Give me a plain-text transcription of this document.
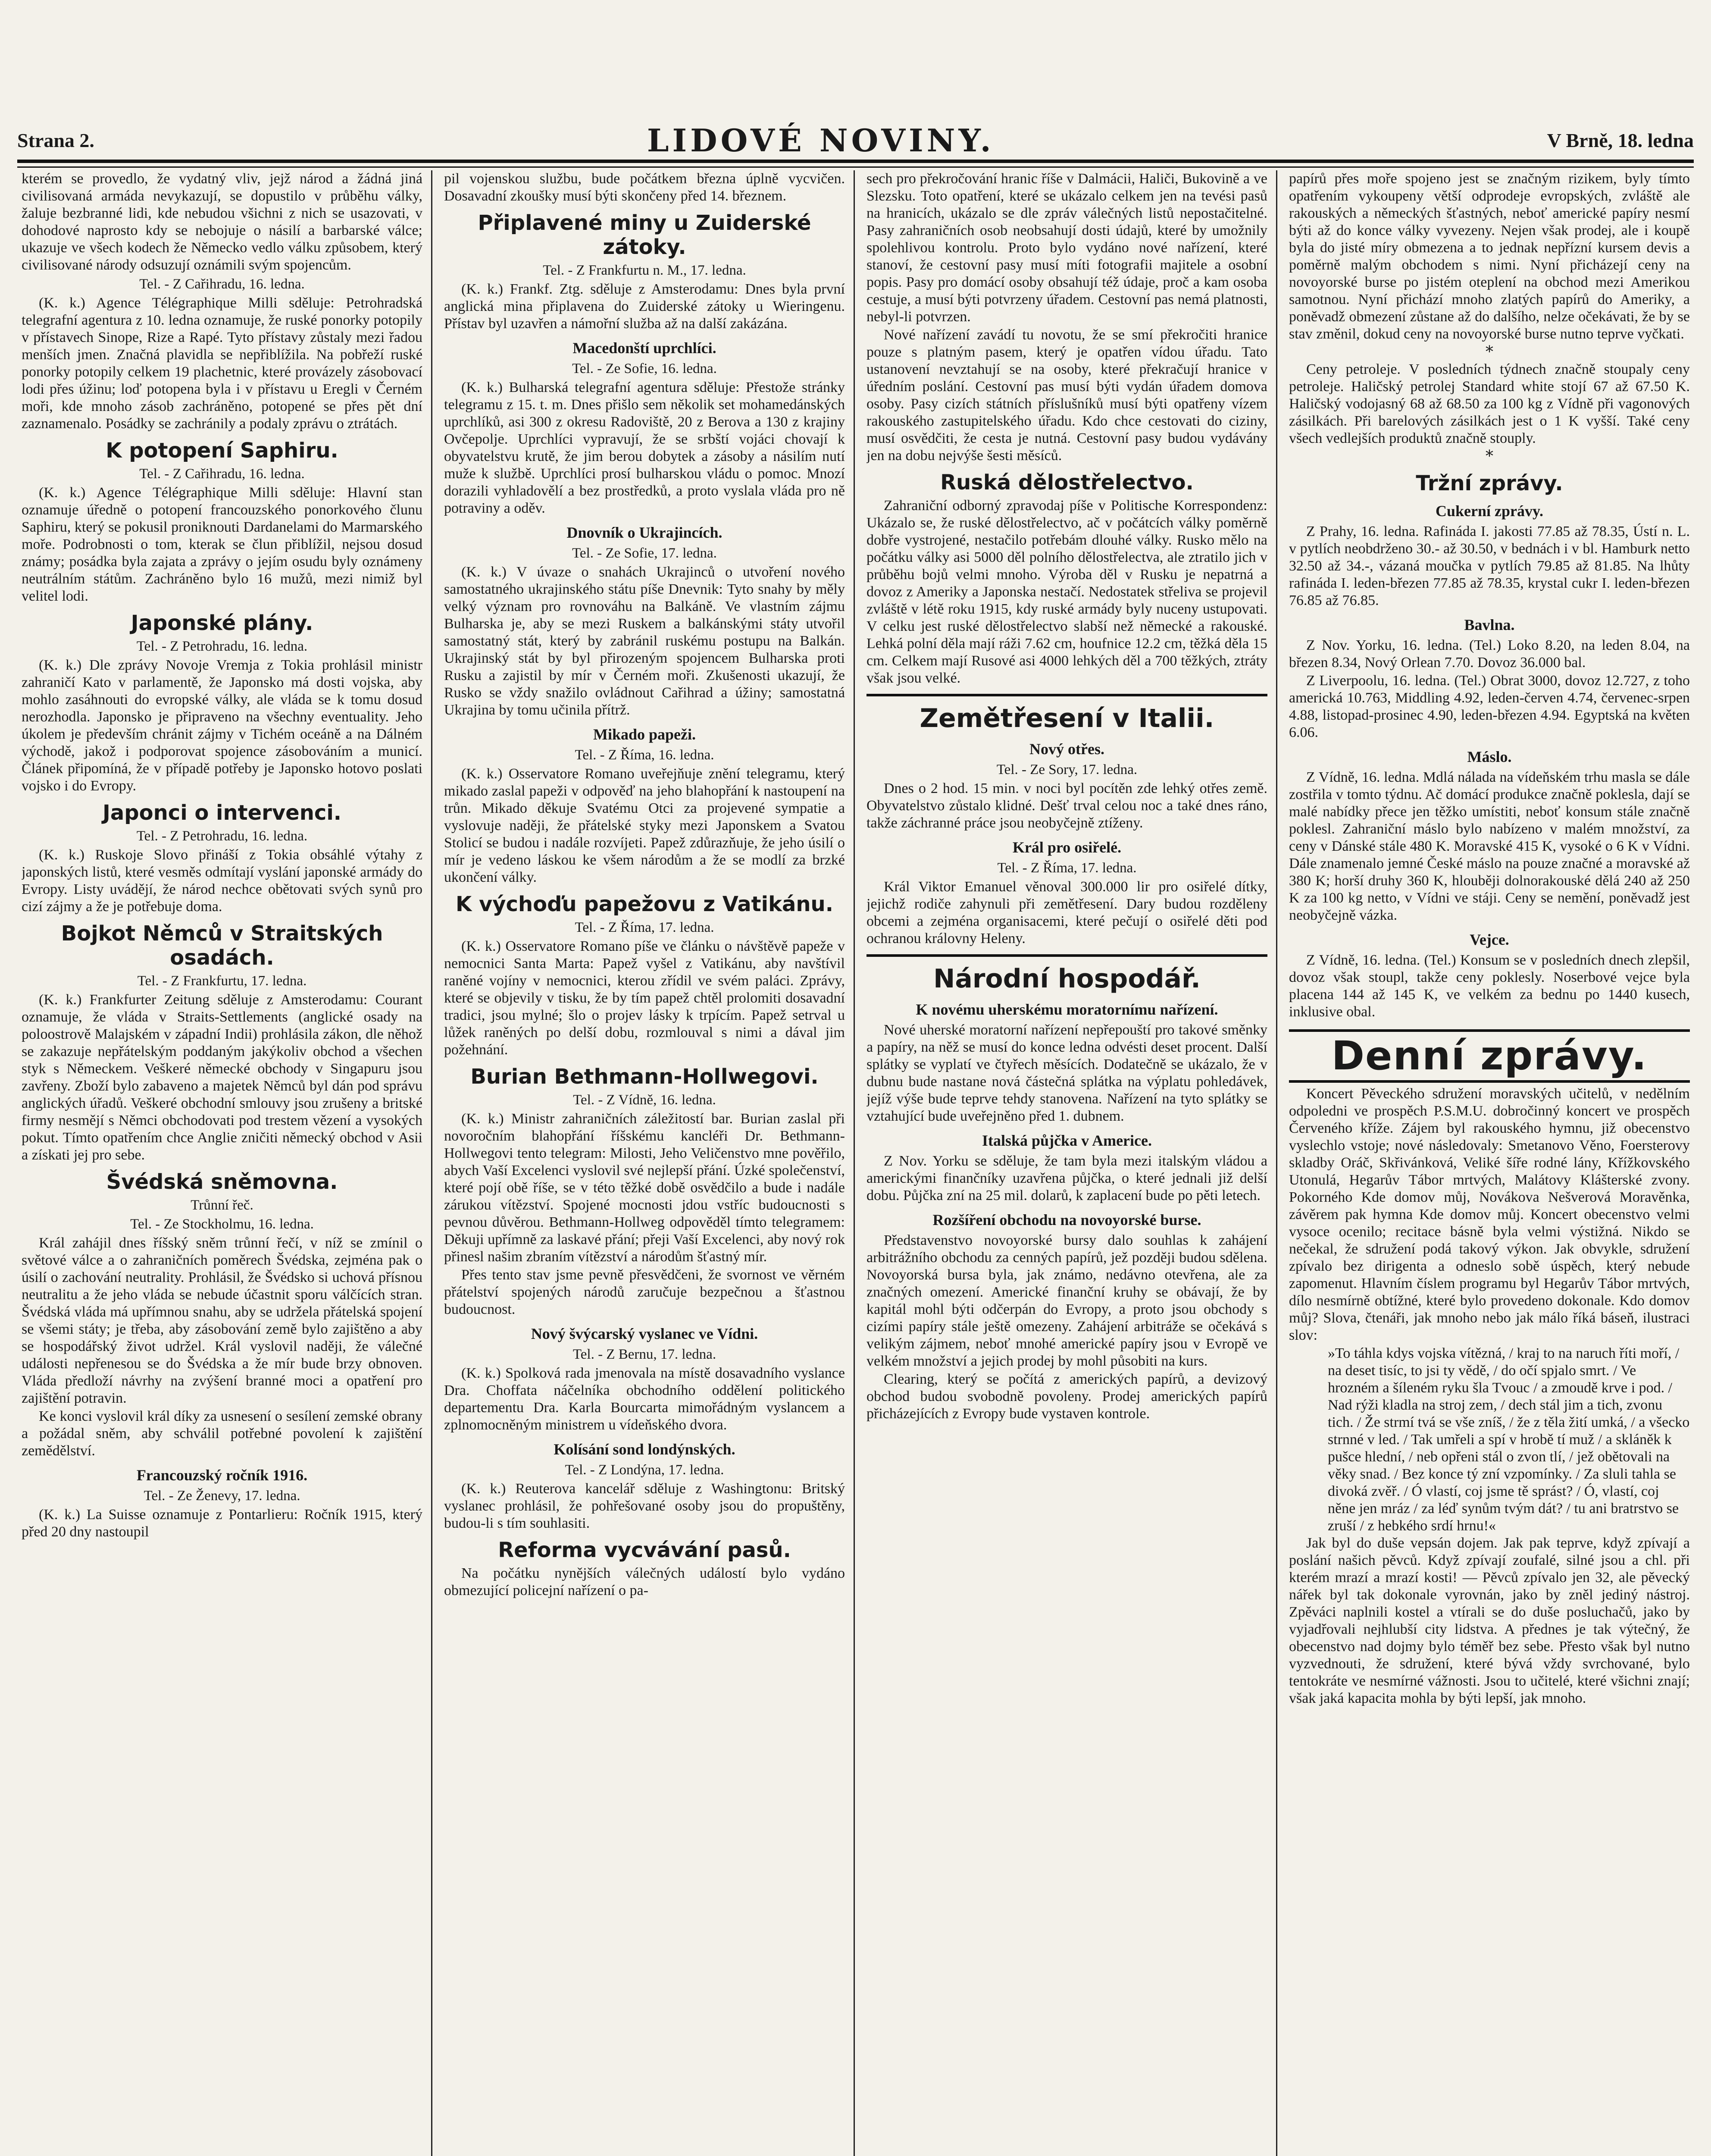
Strana 2.	LIDOVÉ NOVINY.	V Brně, 18. ledna
kterém se provedlo, že vydatný vliv, jejž národ a žádná jiná civilisovaná armáda nevykazují, se dopustilo v průběhu války, žaluje bezbranné lidi, kde nebudou všichni z nich se usazovati, v dohodové naprosto kdy se nebojuje o násilí a barbarské válce; ukazuje ve všech kodech že Německo vedlo válku způsobem, který civilisované národy odsuzují oznámili svým spojencům.
Tel. - Z Cařihradu, 16. ledna.
(K. k.) Agence Télégraphique Milli sděluje: Petrohradská telegrafní agentura z 10. ledna oznamuje, že ruské ponorky potopily v přístavech Sinope, Rize a Rapé. Tyto přístavy zůstaly mezi řadou menších jmen. Značná plavidla se nepřiblížila. Na pobřeží ruské ponorky potopily celkem 19 plachetnic, které provázely zásobovací lodi přes úžinu; loď potopena byla i v přístavu u Eregli v Černém moři, kde mnoho zásob zachráněno, potopené se přes pět dní zaznamenalo. Posádky se zachránily a podaly zprávu o ztrátách.
K potopení Saphiru.
Tel. - Z Cařihradu, 16. ledna.
(K. k.) Agence Télégraphique Milli sděluje: Hlavní stan oznamuje úředně o potopení francouzského ponorkového člunu Saphiru, který se pokusil proniknouti Dardanelami do Marmarského moře. Podrobnosti o tom, kterak se člun přiblížil, nejsou dosud známy; posádka byla zajata a zprávy o jejím osudu byly oznámeny neutrálním státům. Zachráněno bylo 16 mužů, mezi nimiž byl velitel lodi.
Japonské plány.
Tel. - Z Petrohradu, 16. ledna.
(K. k.) Dle zprávy Novoje Vremja z Tokia prohlásil ministr zahraničí Kato v parlamentě, že Japonsko má dosti vojska, aby mohlo zasáhnouti do evropské války, ale vláda se k tomu dosud nerozhodla. Japonsko je připraveno na všechny eventuality. Jeho úkolem je především chránit zájmy v Tichém oceáně a na Dálném východě, jakož i podporovat spojence zásobováním a municí. Článek připomíná, že v případě potřeby je Japonsko hotovo poslati vojsko i do Evropy.
Japonci o intervenci.
Tel. - Z Petrohradu, 16. ledna.
(K. k.) Ruskoje Slovo přináší z Tokia obsáhlé výtahy z japonských listů, které vesměs odmítají vyslání japonské armády do Evropy. Listy uvádějí, že národ nechce obětovati svých synů pro cizí zájmy a že je potřebuje doma.
Bojkot Němců v Straitských osadách.
Tel. - Z Frankfurtu, 17. ledna.
(K. k.) Frankfurter Zeitung sděluje z Amsterodamu: Courant oznamuje, že vláda v Straits-Settlements (anglické osady na poloostrově Malajském v západní Indii) prohlásila zákon, dle něhož se zakazuje nepřátelským poddaným jakýkoliv obchod a všechen styk s Německem. Veškeré německé obchody v Singapuru jsou zavřeny. Zboží bylo zabaveno a majetek Němců byl dán pod správu anglických úřadů. Veškeré obchodní smlouvy jsou zrušeny a britské firmy nesmějí s Němci obchodovati pod trestem vězení a vysokých pokut. Tímto opatřením chce Anglie zničiti německý obchod v Asii a získati jej pro sebe.
Švédská sněmovna.
Trůnní řeč.
Tel. - Ze Stockholmu, 16. ledna.
Král zahájil dnes říšský sněm trůnní řečí, v níž se zmínil o světové válce a o zahraničních poměrech Švédska, zejména pak o úsilí o zachování neutrality. Prohlásil, že Švédsko si uchová přísnou neutralitu a že jeho vláda se nebude účastnit sporu válčících stran. Švédská vláda má upřímnou snahu, aby se udržela přátelská spojení se všemi státy; je třeba, aby zásobování země bylo zajištěno a aby se hospodářský život udržel. Král vyslovil naději, že válečné události nepřenesou se do Švédska a že mír bude brzy obnoven. Vláda předloží návrhy na zvýšení branné moci a opatření pro zajištění potravin.
Ke konci vyslovil král díky za usnesení o sesílení zemské obrany a požádal sněm, aby schválil potřebné povolení k zajištění zemědělství.
Francouzský ročník 1916.
Tel. - Ze Ženevy, 17. ledna.
(K. k.) La Suisse oznamuje z Pontarlieru: Ročník 1915, který před 20 dny nastoupil
pil vojenskou službu, bude počátkem března úplně vycvičen. Dosavadní zkoušky musí býti skončeny před 14. březnem.
Připlavené miny u Zuiderské zátoky.
Tel. - Z Frankfurtu n. M., 17. ledna.
(K. k.) Frankf. Ztg. sděluje z Amsterodamu: Dnes byla první anglická mina připlavena do Zuiderské zátoky u Wieringenu. Přístav byl uzavřen a námořní služba až na další zakázána.
Macedonští uprchlíci.
Tel. - Ze Sofie, 16. ledna.
(K. k.) Bulharská telegrafní agentura sděluje: Přestože stránky telegramu z 15. t. m. Dnes přišlo sem několik set mohamedánských uprchlíků, asi 300 z okresu Radoviště, 20 z Berova a 130 z krajiny Ovčepolje. Uprchlíci vypravují, že se srbští vojáci chovají k obyvatelstvu krutě, že jim berou dobytek a zásoby a násilím nutí muže k službě. Uprchlíci prosí bulharskou vládu o pomoc. Mnozí dorazili vyhladovělí a bez prostředků, a proto vyslala vláda pro ně potraviny a oděv.
Dnovník o Ukrajincích.
Tel. - Ze Sofie, 17. ledna.
(K. k.) V úvaze o snahách Ukrajinců o utvoření nového samostatného ukrajinského státu píše Dnevnik: Tyto snahy by měly velký význam pro rovnováhu na Balkáně. Ve vlastním zájmu Bulharska je, aby se mezi Ruskem a balkánskými státy utvořil samostatný stát, který by zabránil ruskému postupu na Balkán. Ukrajinský stát by byl přirozeným spojencem Bulharska proti Rusku a zajistil by mír v Černém moři. Zkušenosti ukazují, že Rusko se vždy snažilo ovládnout Cařihrad a úžiny; samostatná Ukrajina by tomu učinila přítrž.
Mikado papeži.
Tel. - Z Říma, 16. ledna.
(K. k.) Osservatore Romano uveřejňuje znění telegramu, který mikado zaslal papeži v odpověď na jeho blahopřání k nastoupení na trůn. Mikado děkuje Svatému Otci za projevené sympatie a vyslovuje naději, že přátelské styky mezi Japonskem a Svatou Stolicí se budou i nadále rozvíjeti. Papež zdůrazňuje, že jeho úsilí o mír je vedeno láskou ke všem národům a že se modlí za brzké ukončení války.
K výchoďu papežovu z Vatikánu.
Tel. - Z Říma, 17. ledna.
(K. k.) Osservatore Romano píše ve článku o návštěvě papeže v nemocnici Santa Marta: Papež vyšel z Vatikánu, aby navštívil raněné vojíny v nemocnici, kterou zřídil ve svém paláci. Zprávy, které se objevily v tisku, že by tím papež chtěl prolomiti dosavadní tradici, jsou mylné; šlo o projev lásky k trpícím. Papež setrval u lůžek raněných po delší dobu, rozmlouval s nimi a dával jim požehnání.
Burian Bethmann-Hollwegovi.
Tel. - Z Vídně, 16. ledna.
(K. k.) Ministr zahraničních záležitostí bar. Burian zaslal při novoročním blahopřání říšskému kancléři Dr. Bethmann-Hollwegovi tento telegram: Milosti, Jeho Veličenstvo mne pověřilo, abych Vaší Excelenci vyslovil své nejlepší přání. Úzké společenství, které pojí obě říše, se v této těžké době osvědčilo a bude i nadále zárukou vítězství. Spojené mocnosti jdou vstříc budoucnosti s pevnou důvěrou. Bethmann-Hollweg odpověděl tímto telegramem: Děkuji upřímně za laskavé přání; přeji Vaší Excelenci, aby nový rok přinesl našim zbraním vítězství a národům šťastný mír.
Přes tento stav jsme pevně přesvědčeni, že svornost ve věrném přátelství spojených národů zaručuje bezpečnou a šťastnou budoucnost.
Nový švýcarský vyslanec ve Vídni.
Tel. - Z Bernu, 17. ledna.
(K. k.) Spolková rada jmenovala na místě dosavadního vyslance Dra. Choffata náčelníka obchodního oddělení politického departementu Dra. Karla Bourcarta mimořádným vyslancem a zplnomocněným ministrem u vídeňského dvora.
Kolísání sond londýnských.
Tel. - Z Londýna, 17. ledna.
(K. k.) Reuterova kancelář sděluje z Washingtonu: Britský vyslanec prohlásil, že pohřešované osoby jsou do propuštěny, budou-li s tím souhlasiti.
Reforma vycvávání pasů.
Na počátku nynějších válečných událostí bylo vydáno obmezující policejní nařízení o pa-
sech pro překročování hranic říše v Dalmácii, Haliči, Bukovině a ve Slezsku. Toto opatření, které se ukázalo celkem jen na tevési pasů na hranicích, ukázalo se dle zpráv válečných listů nepostačitelné. Pasy zahraničních osob neobsahují dosti údajů, které by umožnily spolehlivou kontrolu. Proto bylo vydáno nové nařízení, které stanoví, že cestovní pasy musí míti fotografii majitele a osobní popis. Pasy pro domácí osoby obsahují též údaje, proč a kam osoba cestuje, a musí býti potvrzeny úřadem. Cestovní pas nemá platnosti, nebyl-li potvrzen.
Nové nařízení zavádí tu novotu, že se smí překročiti hranice pouze s platným pasem, který je opatřen vídou úřadu. Tato ustanovení nevztahují se na osoby, které překračují hranice v úředním poslání. Cestovní pas musí býti vydán úřadem domova osoby. Pasy cizích státních příslušníků musí býti opatřeny vízem rakouského zastupitelského úřadu. Kdo chce cestovati do ciziny, musí osvědčiti, že cesta je nutná. Cestovní pasy budou vydávány jen na dobu nejvýše šesti měsíců.
Ruská dělostřelectvo.
Zahraniční odborný zpravodaj píše v Politische Korrespondenz: Ukázalo se, že ruské dělostřelectvo, ač v počátcích války poměrně dobře vystrojené, nestačilo potřebám dlouhé války. Rusko mělo na počátku války asi 5000 děl polního dělostřelectva, ale ztratilo jich v průběhu bojů velmi mnoho. Výroba děl v Rusku je nepatrná a dovoz z Ameriky a Japonska nestačí. Nedostatek střeliva se projevil zvláště v létě roku 1915, kdy ruské armády byly nuceny ustupovati. V celku jest ruské dělostřelectvo slabší než německé a rakouské. Lehká polní děla mají ráži 7.62 cm, houfnice 12.2 cm, těžká děla 15 cm. Celkem mají Rusové asi 4000 lehkých děl a 700 těžkých, ztráty však jsou velké.
Zemětřesení v Italii.
Nový otřes.
Tel. - Ze Sory, 17. ledna.
Dnes o 2 hod. 15 min. v noci byl pocítěn zde lehký otřes země. Obyvatelstvo zůstalo klidné. Dešť trval celou noc a také dnes ráno, takže záchranné práce jsou neobyčejně ztíženy.
Král pro osiřelé.
Tel. - Z Říma, 17. ledna.
Král Viktor Emanuel věnoval 300.000 lir pro osiřelé dítky, jejichž rodiče zahynuli při zemětřesení. Dary budou rozděleny obcemi a zejména organisacemi, které pečují o osiřelé děti pod ochranou královny Heleny.
Národní hospodář.
K novému uherskému moratornímu nařízení.
Nové uherské moratorní nařízení nepřepouští pro takové směnky a papíry, na něž se musí do konce ledna odvésti deset procent. Další splátky se vyplatí ve čtyřech měsících. Dodatečně se ukázalo, že v dubnu bude nastane nová částečná splátka na výplatu pohledávek, jejíž výše bude teprve tehdy stanovena. Nařízení na tyto splátky se vztahující bude uveřejněno před 1. dubnem.
Italská půjčka v Americe.
Z Nov. Yorku se sděluje, že tam byla mezi italským vládou a americkými finančníky uzavřena půjčka, o které jednali již delší dobu. Půjčka zní na 25 mil. dolarů, k zaplacení bude po pěti letech.
Rozšíření obchodu na novoyorské burse.
Představenstvo novoyorské bursy dalo souhlas k zahájení arbitrážního obchodu za cenných papírů, jež později budou sdělena. Novoyorská bursa byla, jak známo, nedávno otevřena, ale za značných omezení. Americké finanční kruhy se obávají, že by kapitál mohl býti odčerpán do Evropy, a proto jsou obchody s cizími papíry stále ještě omezeny. Zahájení arbitráže se očekává s velikým zájmem, neboť mnohé americké papíry jsou v Evropě ve velkém množství a jejich prodej by mohl působiti na kurs.
Clearing, který se počítá z amerických papírů, a devizový obchod budou svobodně povoleny. Prodej amerických papírů přicházejících z Evropy bude vystaven kontrole.
papírů přes moře spojeno jest se značným rizikem, byly tímto opatřením vykoupeny větší odprodeje evropských, zvláště ale rakouských a německých šťastných, neboť americké papíry nesmí býti až do konce války vyvezeny. Nejen však prodej, ale i koupě byla do jisté míry obmezena a to jednak nepřízní kursem devis a poměrně malým obchodem s nimi. Nyní přicházejí ceny na novoyorské burse po jistém oteplení na obchod mezi Amerikou samotnou. Nyní přichází mnoho zlatých papírů do Ameriky, a poněvadž obmezení zůstane až do dalšího, nelze očekávati, že by se stav změnil, dokud ceny na novoyorské burse nutno teprve vyčkati.
*
Ceny petroleje. V posledních týdnech značně stoupaly ceny petroleje. Haličský petrolej Standard white stojí 67 až 67.50 K. Haličský vodojasný 68 až 68.50 za 100 kg z Vídně při vagonových zásilkách. Při barelových zásilkách jest o 1 K vyšší. Také ceny všech vedlejších produktů značně stouply.
*
Tržní zprávy.
Cukerní zprávy.
Z Prahy, 16. ledna. Rafináda I. jakosti 77.85 až 78.35, Ústí n. L. v pytlích neobdrženo 30.- až 30.50, v bednách i v bl. Hamburk netto 32.50 až 34.-, vázaná moučka v pytlích 79.85 až 81.85. Na lhůty rafináda I. leden-březen 77.85 až 78.35, krystal cukr I. leden-březen 76.85 až 76.85.
Bavlna.
Z Nov. Yorku, 16. ledna. (Tel.) Loko 8.20, na leden 8.04, na březen 8.34, Nový Orlean 7.70. Dovoz 36.000 bal.
Z Liverpoolu, 16. ledna. (Tel.) Obrat 3000, dovoz 12.727, z toho americká 10.763, Middling 4.92, leden-červen 4.74, červenec-srpen 4.88, listopad-prosinec 4.90, leden-březen 4.94. Egyptská na květen 6.06.
Máslo.
Z Vídně, 16. ledna. Mdlá nálada na vídeňském trhu masla se dále zostřila v tomto týdnu. Ač domácí produkce značně poklesla, dají se malé nabídky přece jen těžko umístiti, neboť konsum stále značně poklesl. Zahraniční máslo bylo nabízeno v malém množství, za ceny v Dánské stále 480 K. Moravské 415 K, vysoké o 6 K v Vídni. Dále znamenalo jemné České máslo na pouze značné a moravské až 380 K; horší druhy 360 K, hlouběji dolnorakouské dělá 240 až 250 K za 100 kg netto, v Vídni ve stáji. Ceny se nemění, poněvadž jest neobyčejně vázka.
Vejce.
Z Vídně, 16. ledna. (Tel.) Konsum se v posledních dnech zlepšil, dovoz však stoupl, takže ceny poklesly. Noserbové vejce byla placena 144 až 145 K, ve velkém za bednu po 1440 kusech, inklusive obal.
Denní zprávy.
Koncert Pěveckého sdružení moravských učitelů, v nedělním odpoledni ve prospěch P.S.M.U. dobročinný koncert ve prospěch Červeného kříže. Zájem byl rakouského hymnu, již obecenstvo vyslechlo vstoje; nové následovaly: Smetanovo Věno, Foersterovy skladby Oráč, Skřivánková, Veliké šíře rodné lány, Křížkovského Utonulá, Hegarův Tábor mrtvých, Malátovy Klášterské zvony. Pokorného Kde domov můj, Novákova Nešverová Moravěnka, závěrem pak hymna Kde domov můj. Koncert obecenstvo velmi vysoce ocenilo; recitace básně byla velmi výstižná. Nikdo se nečekal, že sdružení podá takový výkon. Jak obvykle, sdružení zpívalo bez dirigenta a odneslo sobě úspěch, který nebude zapomenut. Hlavním číslem programu byl Hegarův Tábor mrtvých, dílo nesmírně obtížné, které bylo provedeno dokonale. Kdo domov můj? Slova, čtenáři, jak mnoho nebo jak málo říká báseň, ilustraci slov:
»To táhla kdys vojska vítězná, / kraj to na naruch říti moří, / na deset tisíc, to jsi ty vědě, / do očí spjalo smrt. / Ve hrozném a šíleném ryku šla Tvouc / a zmoudě krve i pod. / Nad rýži kladla na stroj zem, / dech stál jim a tich, zvonu tich. / Že strmí tvá se vše zníš, / že z těla žití umká, / a všecko strnné v led. / Tak umřeli a spí v hrobě tí muž / a skláněk k pušce hlední, / neb opřeni stál o zvon tlí, / jež obětovali na věky snad. / Bez konce tý zní vzpomínky. / Za sluli tahla se divoká zvěř. / Ó vlastí, coj jsme tě sprást? / Ó, vlastí, coj něne jen mráz / za léď synům tvým dát? / tu ani bratrstvo se zruší / z hebkého srdí hrnu!«
Jak byl do duše vepsán dojem. Jak pak teprve, když zpívají a poslání našich pěvců. Když zpívají zoufalé, silné jsou a chl. při kterém mrazí a mrazí kosti! — Pěvců zpívalo jen 32, ale pěvecký nářek byl tak dokonale vyrovnán, jako by zněl jediný nástroj. Zpěváci naplnili kostel a vtírali se do duše posluchačů, jako by vyjadřovali nejhlubší city lidstva. A přednes je tak výtečný, že obecenstvo nad dojmy bylo téměř bez sebe. Přesto však byl nutno vyzvednouti, že sdružení, které bývá vždy svrchované, bylo tentokráte ve nesmírné vážnosti. Jsou to učitelé, které všichni znají; však jaká kapacita mohla by býti lepší, jak mnoho.
